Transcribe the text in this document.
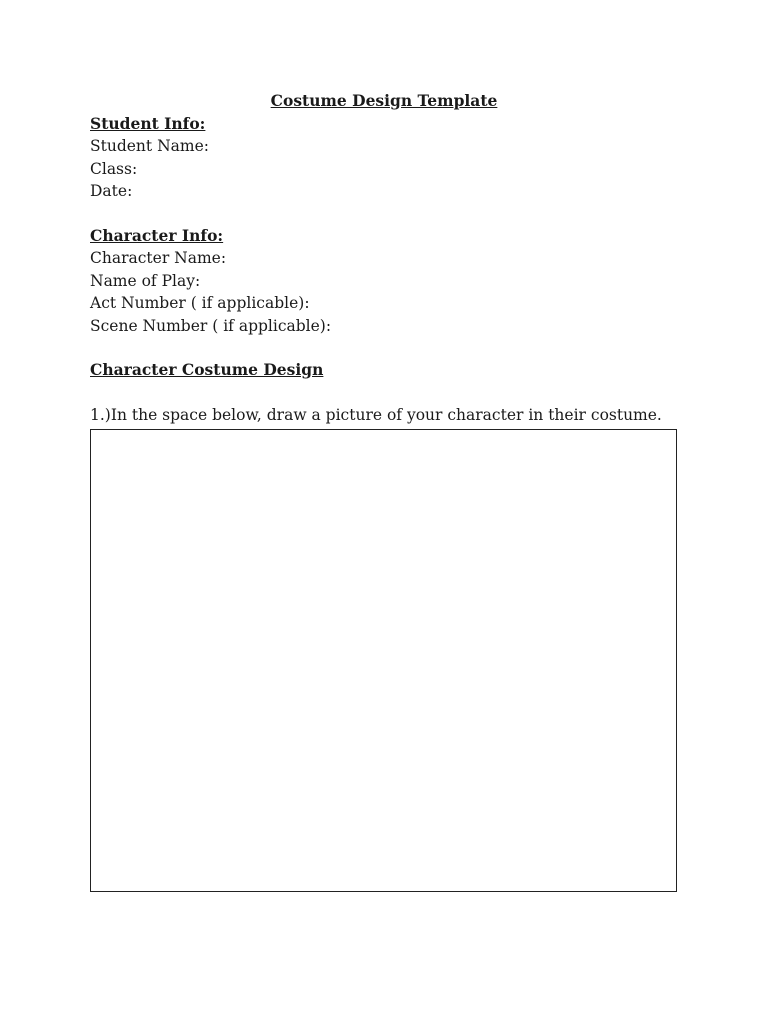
Costume Design Template
Student Info:
Student Name:
Class:
Date:
Character Info:
Character Name:
Name of Play:
Act Number ( if applicable):
Scene Number ( if applicable):
Character Costume Design
1.)In the space below, draw a picture of your character in their costume.
